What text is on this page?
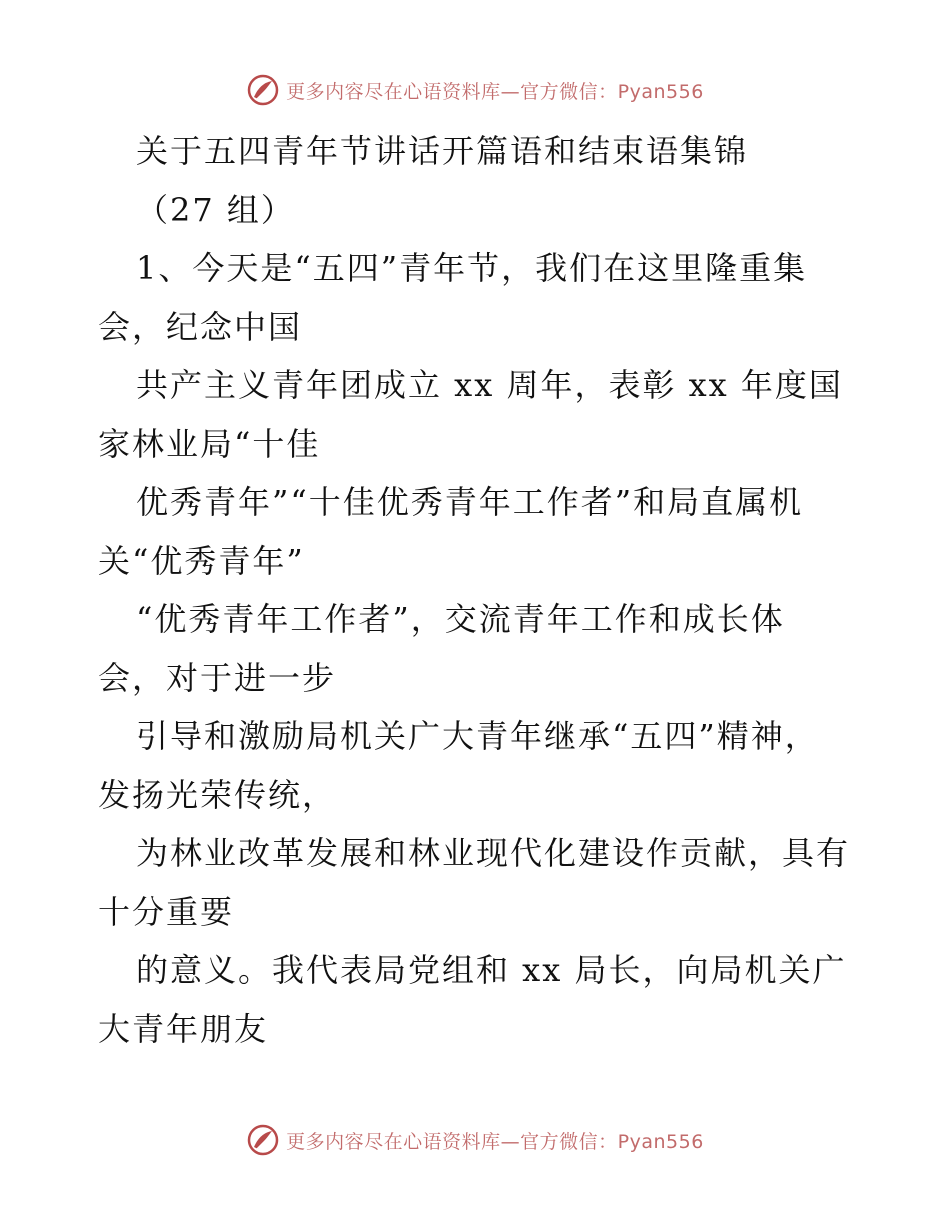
更多内容尽在心语资料库—官方微信：Pyan556
关于五四青年节讲话开篇语和结束语集锦
（27 组）
1、今天是“五四”青年节，我们在这里隆重集
会，纪念中国
共产主义青年团成立 xx 周年，表彰 xx 年度国
家林业局“十佳
优秀青年”“十佳优秀青年工作者”和局直属机
关“优秀青年”
“优秀青年工作者”，交流青年工作和成长体
会，对于进一步
引导和激励局机关广大青年继承“五四”精神，
发扬光荣传统，
为林业改革发展和林业现代化建设作贡献，具有
十分重要
的意义。我代表局党组和 xx 局长，向局机关广
大青年朋友
更多内容尽在心语资料库—官方微信：Pyan556
